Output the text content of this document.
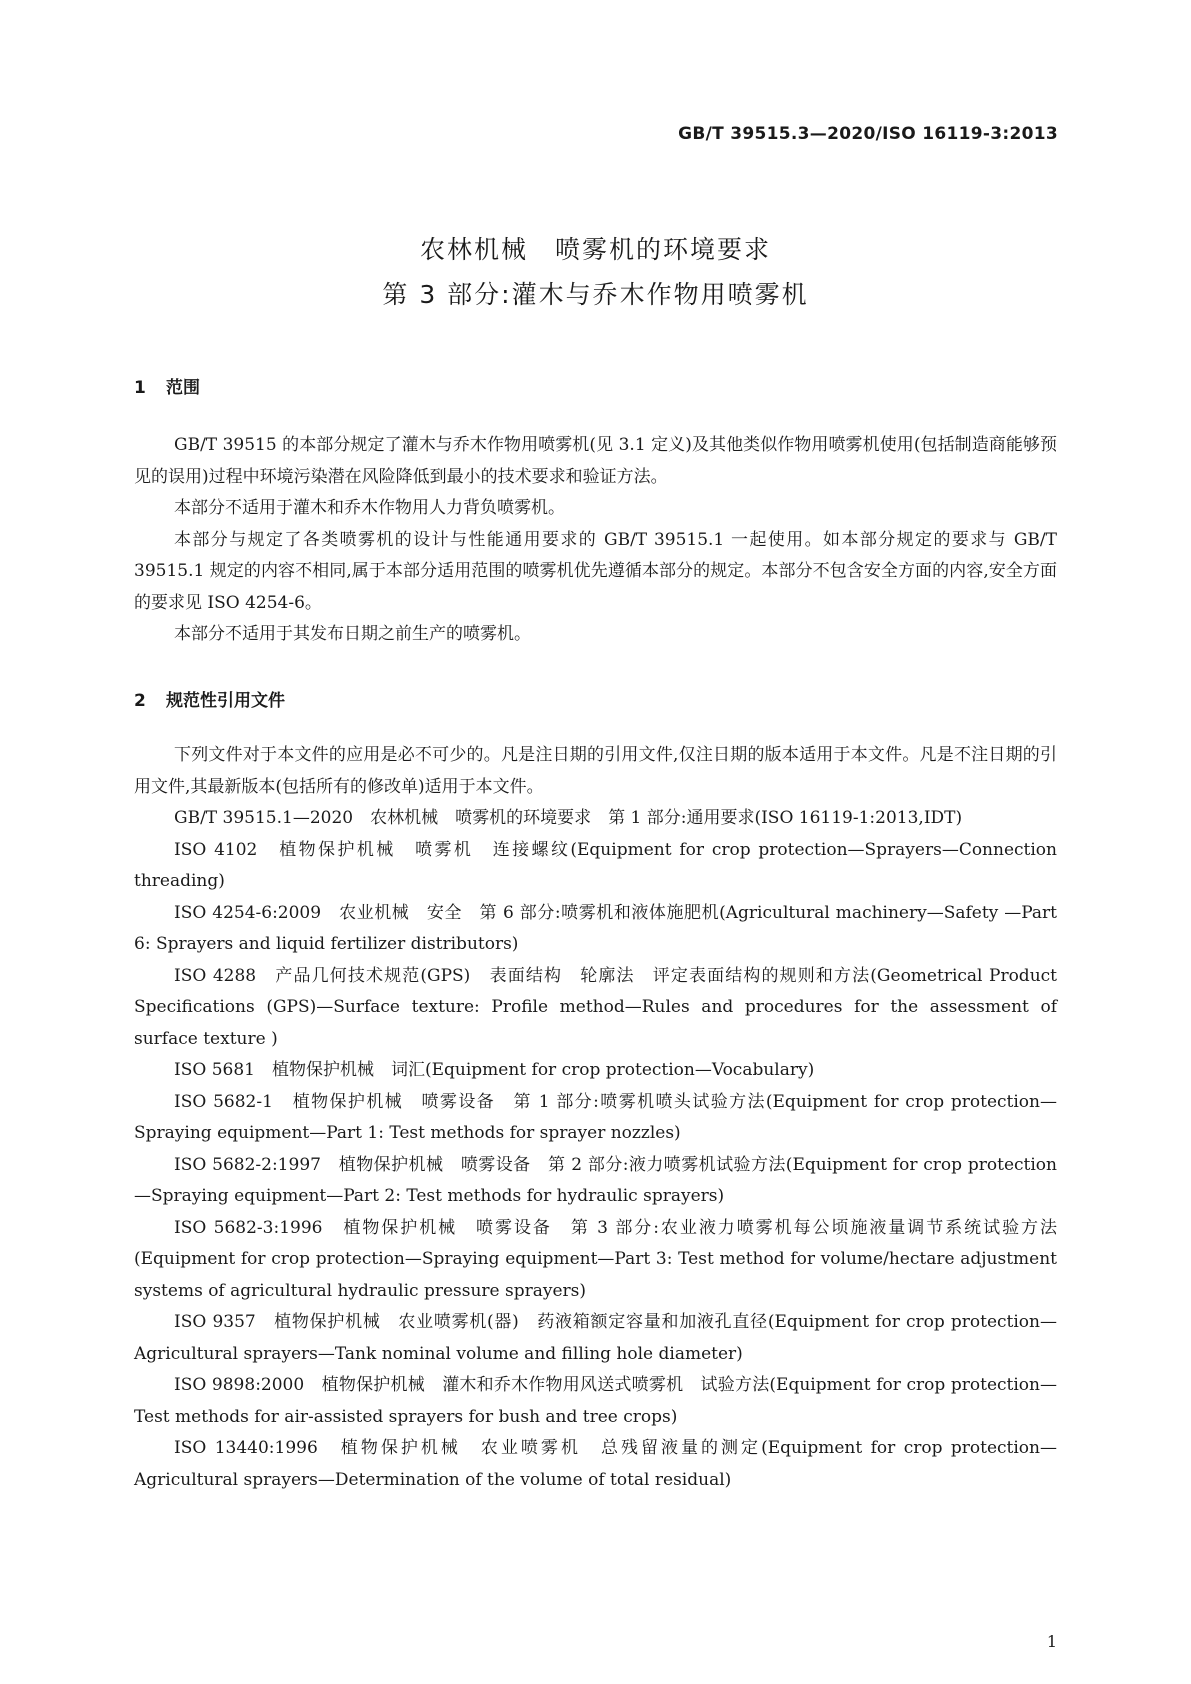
GB/T 39515.3—2020/ISO 16119-3:2013
农林机械　喷雾机的环境要求
第 3 部分:灌木与乔木作物用喷雾机
1 范围

GB/T 39515 的本部分规定了灌木与乔木作物用喷雾机(见 3.1 定义)及其他类似作物用喷雾机使用(包括制造商能够预见的误用)过程中环境污染潜在风险降低到最小的技术要求和验证方法。

本部分不适用于灌木和乔木作物用人力背负喷雾机。

本部分与规定了各类喷雾机的设计与性能通用要求的 GB/T 39515.1 一起使用。如本部分规定的要求与 GB/T 39515.1 规定的内容不相同,属于本部分适用范围的喷雾机优先遵循本部分的规定。本部分不包含安全方面的内容,安全方面的要求见 ISO 4254-6。

本部分不适用于其发布日期之前生产的喷雾机。

2 规范性引用文件

下列文件对于本文件的应用是必不可少的。凡是注日期的引用文件,仅注日期的版本适用于本文件。凡是不注日期的引用文件,其最新版本(包括所有的修改单)适用于本文件。

GB/T 39515.1—2020　农林机械　喷雾机的环境要求　第 1 部分:通用要求(ISO 16119-1:2013,IDT)

ISO 4102　植物保护机械　喷雾机　连接螺纹(Equipment for crop protection—Sprayers—Connection threading)

ISO 4254-6:2009　农业机械　安全　第 6 部分:喷雾机和液体施肥机(Agricultural machinery—Safety —Part 6: Sprayers and liquid fertilizer distributors)

ISO 4288　产品几何技术规范(GPS)　表面结构　轮廓法　评定表面结构的规则和方法(Geometrical Product Specifications (GPS)—Surface texture: Profile method—Rules and procedures for the assessment of surface texture )

ISO 5681　植物保护机械　词汇(Equipment for crop protection—Vocabulary)

ISO 5682-1　植物保护机械　喷雾设备　第 1 部分:喷雾机喷头试验方法(Equipment for crop protection—Spraying equipment—Part 1: Test methods for sprayer nozzles)

ISO 5682-2:1997　植物保护机械　喷雾设备　第 2 部分:液力喷雾机试验方法(Equipment for crop protection—Spraying equipment—Part 2: Test methods for hydraulic sprayers)

ISO 5682-3:1996　植物保护机械　喷雾设备　第 3 部分:农业液力喷雾机每公顷施液量调节系统试验方法(Equipment for crop protection—Spraying equipment—Part 3: Test method for volume/hectare adjustment systems of agricultural hydraulic pressure sprayers)

ISO 9357　植物保护机械　农业喷雾机(器)　药液箱额定容量和加液孔直径(Equipment for crop protection—Agricultural sprayers—Tank nominal volume and filling hole diameter)

ISO 9898:2000　植物保护机械　灌木和乔木作物用风送式喷雾机　试验方法(Equipment for crop protection—Test methods for air-assisted sprayers for bush and tree crops)

ISO 13440:1996　植物保护机械　农业喷雾机　总残留液量的测定(Equipment for crop protection—Agricultural sprayers—Determination of the volume of total residual)

1
